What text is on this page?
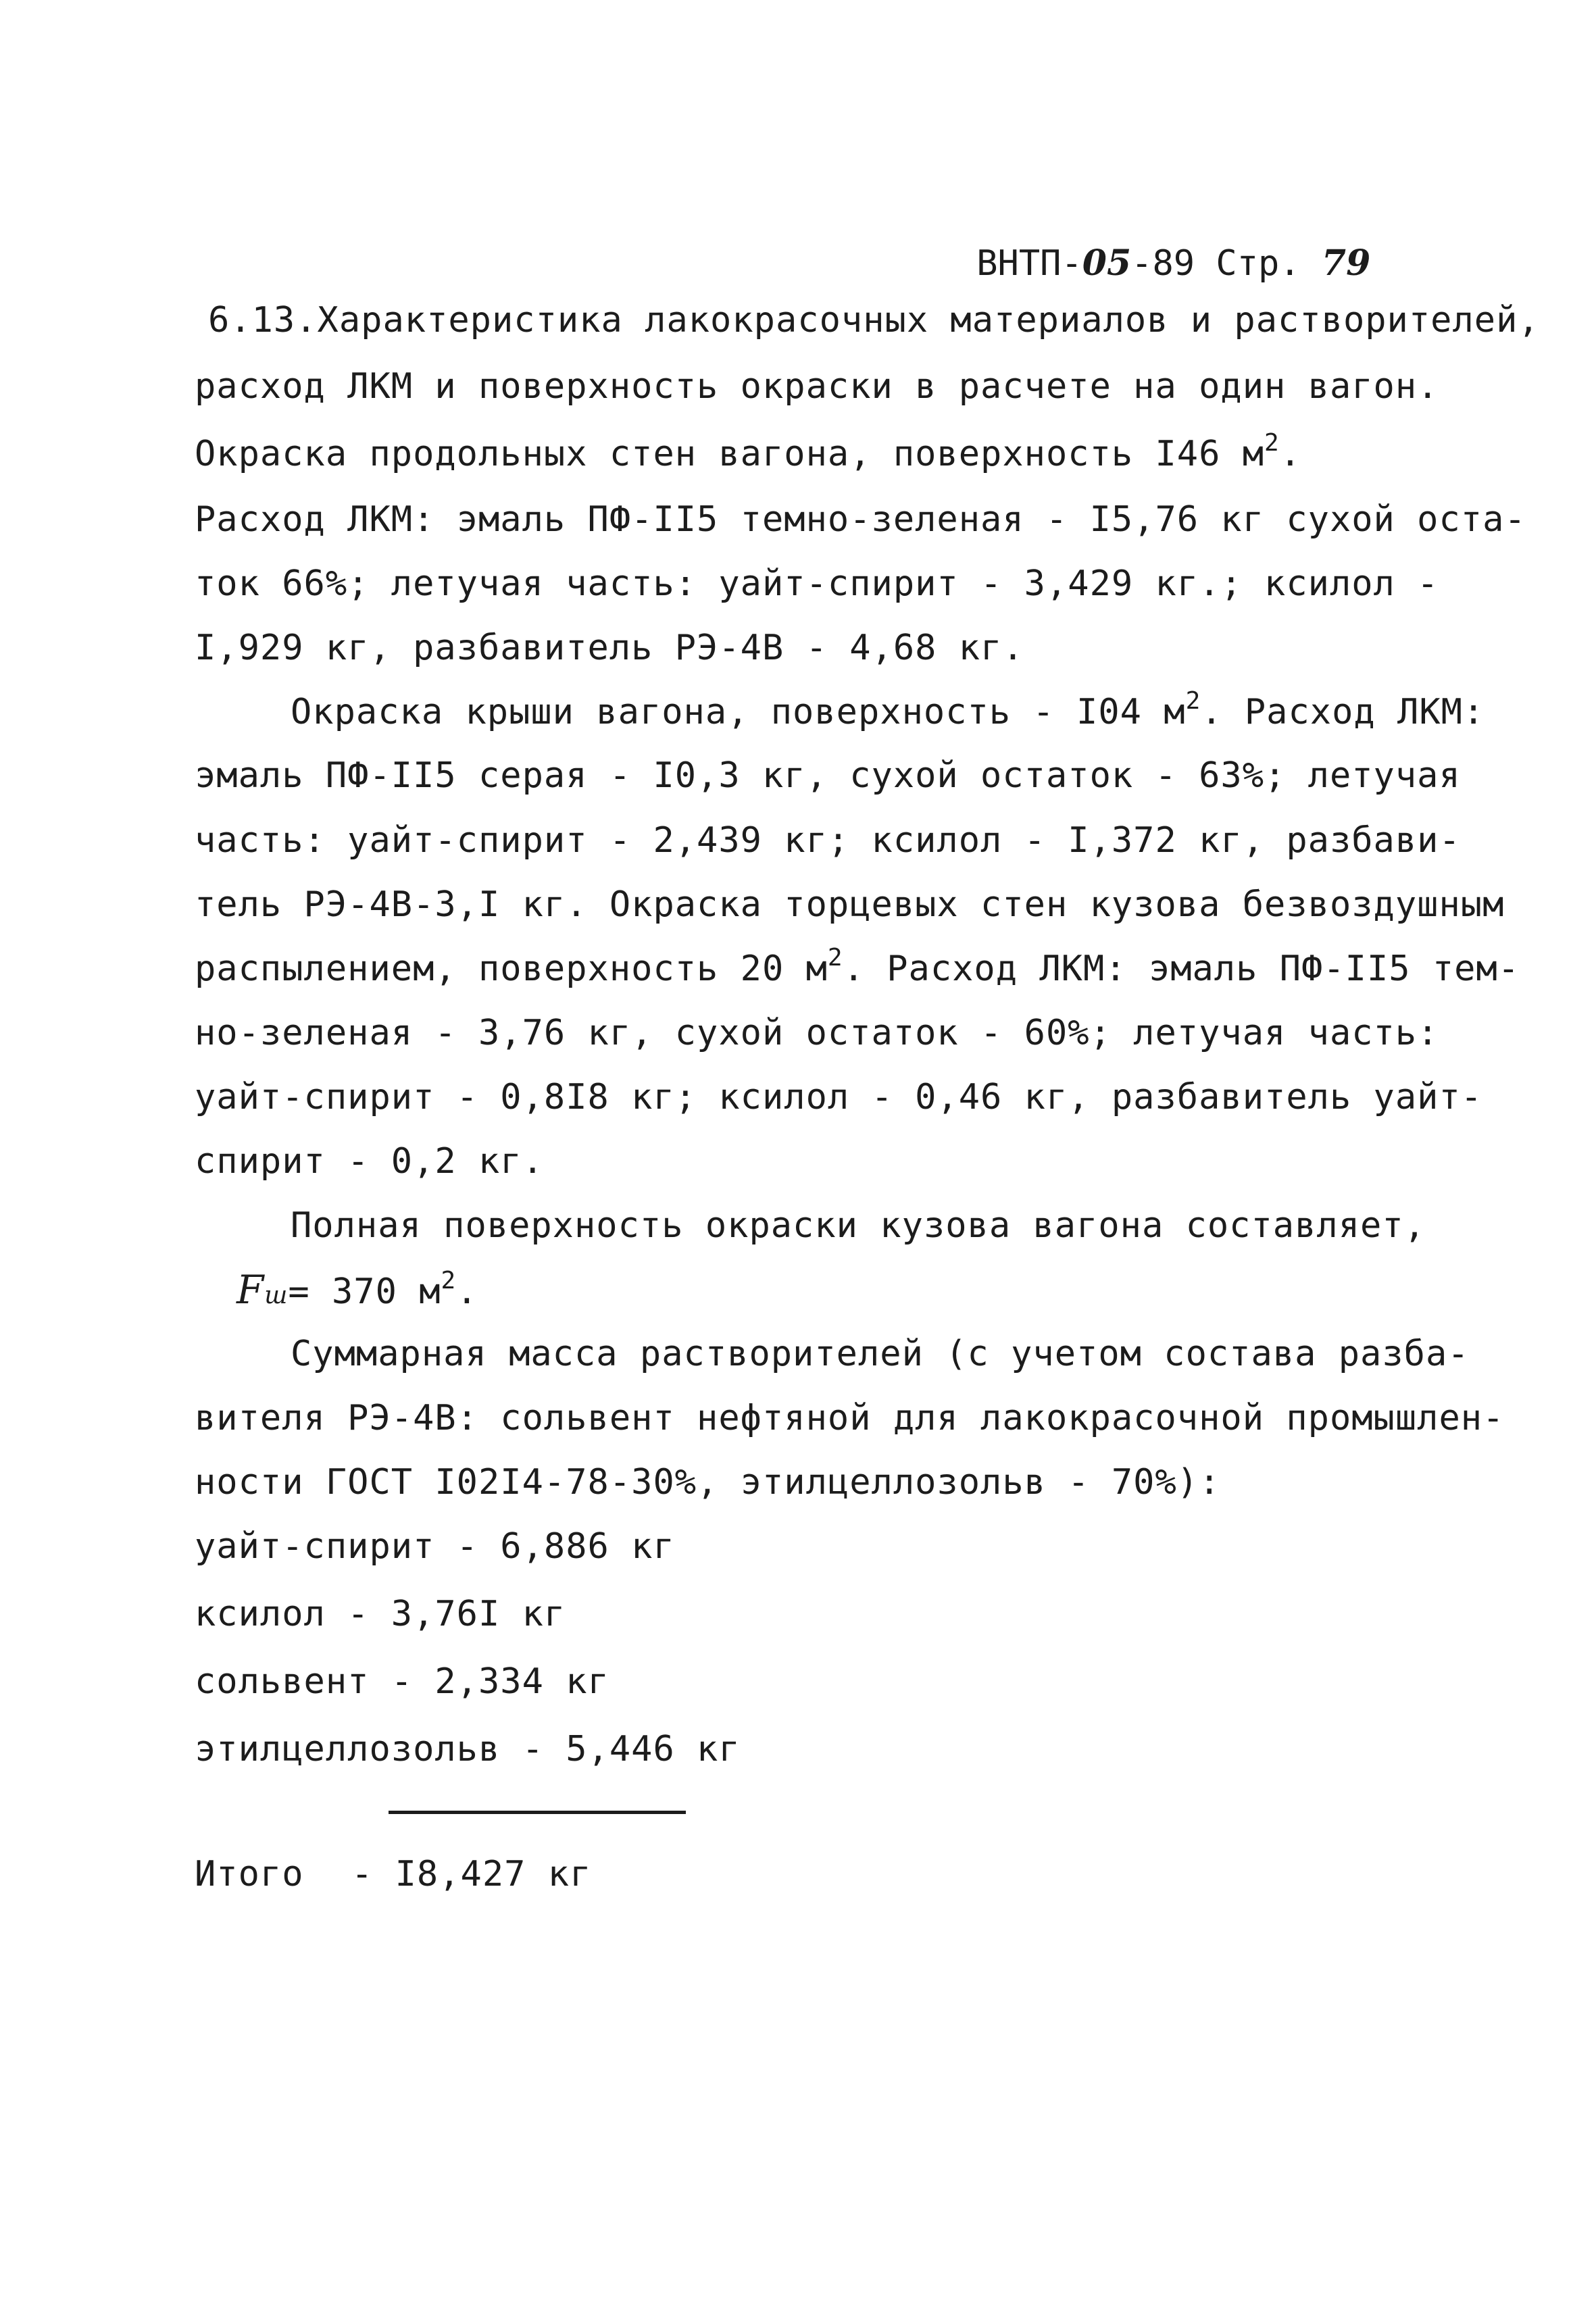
ВНТП-05-89 Стр. 79

6.13.Характеристика лакокрасочных материалов и растворителей,
расход ЛКМ и поверхность окраски в расчете на один вагон.
Окраска продольных стен вагона, поверхность I46 $м^2$.
Расход ЛКМ: эмаль ПФ-II5 темно-зеленая - I5,76 кг сухой оста-
ток 66%; летучая часть: уайт-спирит - 3,429 кг.; ксилол -
I,929 кг, разбавитель РЭ-4В - 4,68 кг.
Окраска крыши вагона, поверхность - I04 $м^2$. Расход ЛКМ:
эмаль ПФ-II5 серая - I0,3 кг, сухой остаток - 63%; летучая
часть: уайт-спирит - 2,439 кг; ксилол - I,372 кг, разбави-
тель РЭ-4В-3,I кг. Окраска торцевых стен кузова безвоздушным
распылением, поверхность 20 $м^2$. Расход ЛКМ: эмаль ПФ-II5 тем-
но-зеленая - 3,76 кг, сухой остаток - 60%; летучая часть:
уайт-спирит - 0,8I8 кг; ксилол - 0,46 кг, разбавитель уайт-
спирит - 0,2 кг.
Полная поверхность окраски кузова вагона составляет,
Fш= 370 $м^2$.
Суммарная масса растворителей (с учетом состава разба-
вителя РЭ-4В: сольвент нефтяной для лакокрасочной промышлен-
ности ГОСТ I02I4-78-30%, этилцеллозольв - 70%):
уайт-спирит - 6,886 кг
ксилол - 3,76I кг
сольвент - 2,334 кг
этилцеллозольв - 5,446 кг
Итого - I8,427 кг
